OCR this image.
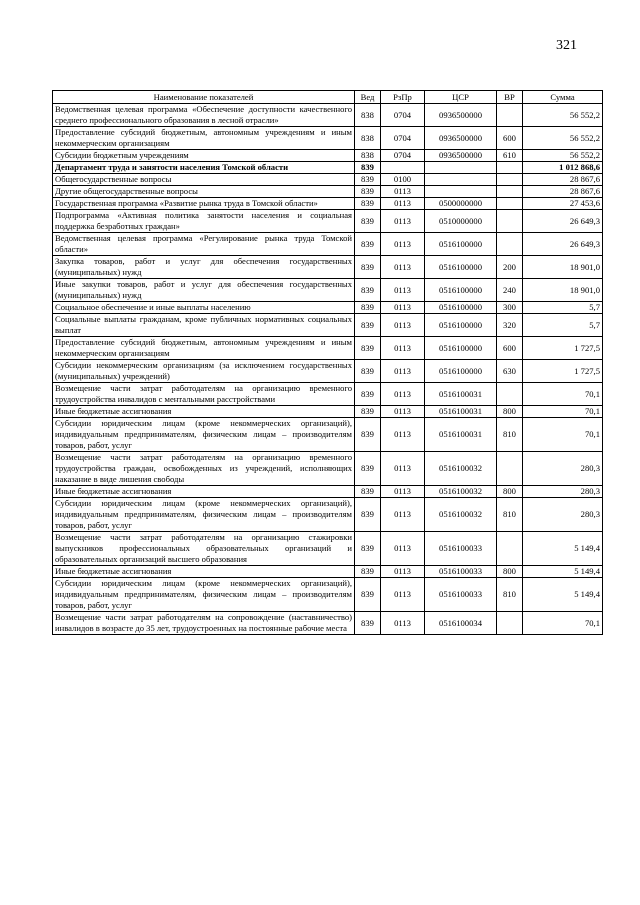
321
Наименование показателей	Вед	РзПр	ЦСР	ВР	Сумма
Ведомственная целевая программа «Обеспечение доступности качественного среднего профессионального образования в лесной отрасли»	838	0704	0936500000		56 552,2
Предоставление субсидий бюджетным, автономным учреждениям и иным некоммерческим организациям	838	0704	0936500000	600	56 552,2
Субсидии бюджетным учреждениям	838	0704	0936500000	610	56 552,2
Департамент труда и занятости населения Томской области	839				1 012 868,6
Общегосударственные вопросы	839	0100			28 867,6
Другие общегосударственные вопросы	839	0113			28 867,6
Государственная программа «Развитие рынка труда в Томской области»	839	0113	0500000000		27 453,6
Подпрограмма «Активная политика занятости населения и социальная поддержка безработных граждан»	839	0113	0510000000		26 649,3
Ведомственная целевая программа «Регулирование рынка труда Томской области»	839	0113	0516100000		26 649,3
Закупка товаров, работ и услуг для обеспечения государственных (муниципальных) нужд	839	0113	0516100000	200	18 901,0
Иные закупки товаров, работ и услуг для обеспечения государственных (муниципальных) нужд	839	0113	0516100000	240	18 901,0
Социальное обеспечение и иные выплаты населению	839	0113	0516100000	300	5,7
Социальные выплаты гражданам, кроме публичных нормативных социальных выплат	839	0113	0516100000	320	5,7
Предоставление субсидий бюджетным, автономным учреждениям и иным некоммерческим организациям	839	0113	0516100000	600	1 727,5
Субсидии некоммерческим организациям (за исключением государственных (муниципальных) учреждений)	839	0113	0516100000	630	1 727,5
Возмещение части затрат работодателям на организацию временного трудоустройства инвалидов с ментальными расстройствами	839	0113	0516100031		70,1
Иные бюджетные ассигнования	839	0113	0516100031	800	70,1
Субсидии юридическим лицам (кроме некоммерческих организаций), индивидуальным предпринимателям, физическим лицам – производителям товаров, работ, услуг	839	0113	0516100031	810	70,1
Возмещение части затрат работодателям на организацию временного трудоустройства граждан, освобожденных из учреждений, исполняющих наказание в виде лишения свободы	839	0113	0516100032		280,3
Иные бюджетные ассигнования	839	0113	0516100032	800	280,3
Субсидии юридическим лицам (кроме некоммерческих организаций), индивидуальным предпринимателям, физическим лицам – производителям товаров, работ, услуг	839	0113	0516100032	810	280,3
Возмещение части затрат работодателям на организацию стажировки выпускников профессиональных образовательных организаций и образовательных организаций высшего образования	839	0113	0516100033		5 149,4
Иные бюджетные ассигнования	839	0113	0516100033	800	5 149,4
Субсидии юридическим лицам (кроме некоммерческих организаций), индивидуальным предпринимателям, физическим лицам – производителям товаров, работ, услуг	839	0113	0516100033	810	5 149,4
Возмещение части затрат работодателям на сопровождение (наставничество) инвалидов в возрасте до 35 лет, трудоустроенных на постоянные рабочие места	839	0113	0516100034		70,1
